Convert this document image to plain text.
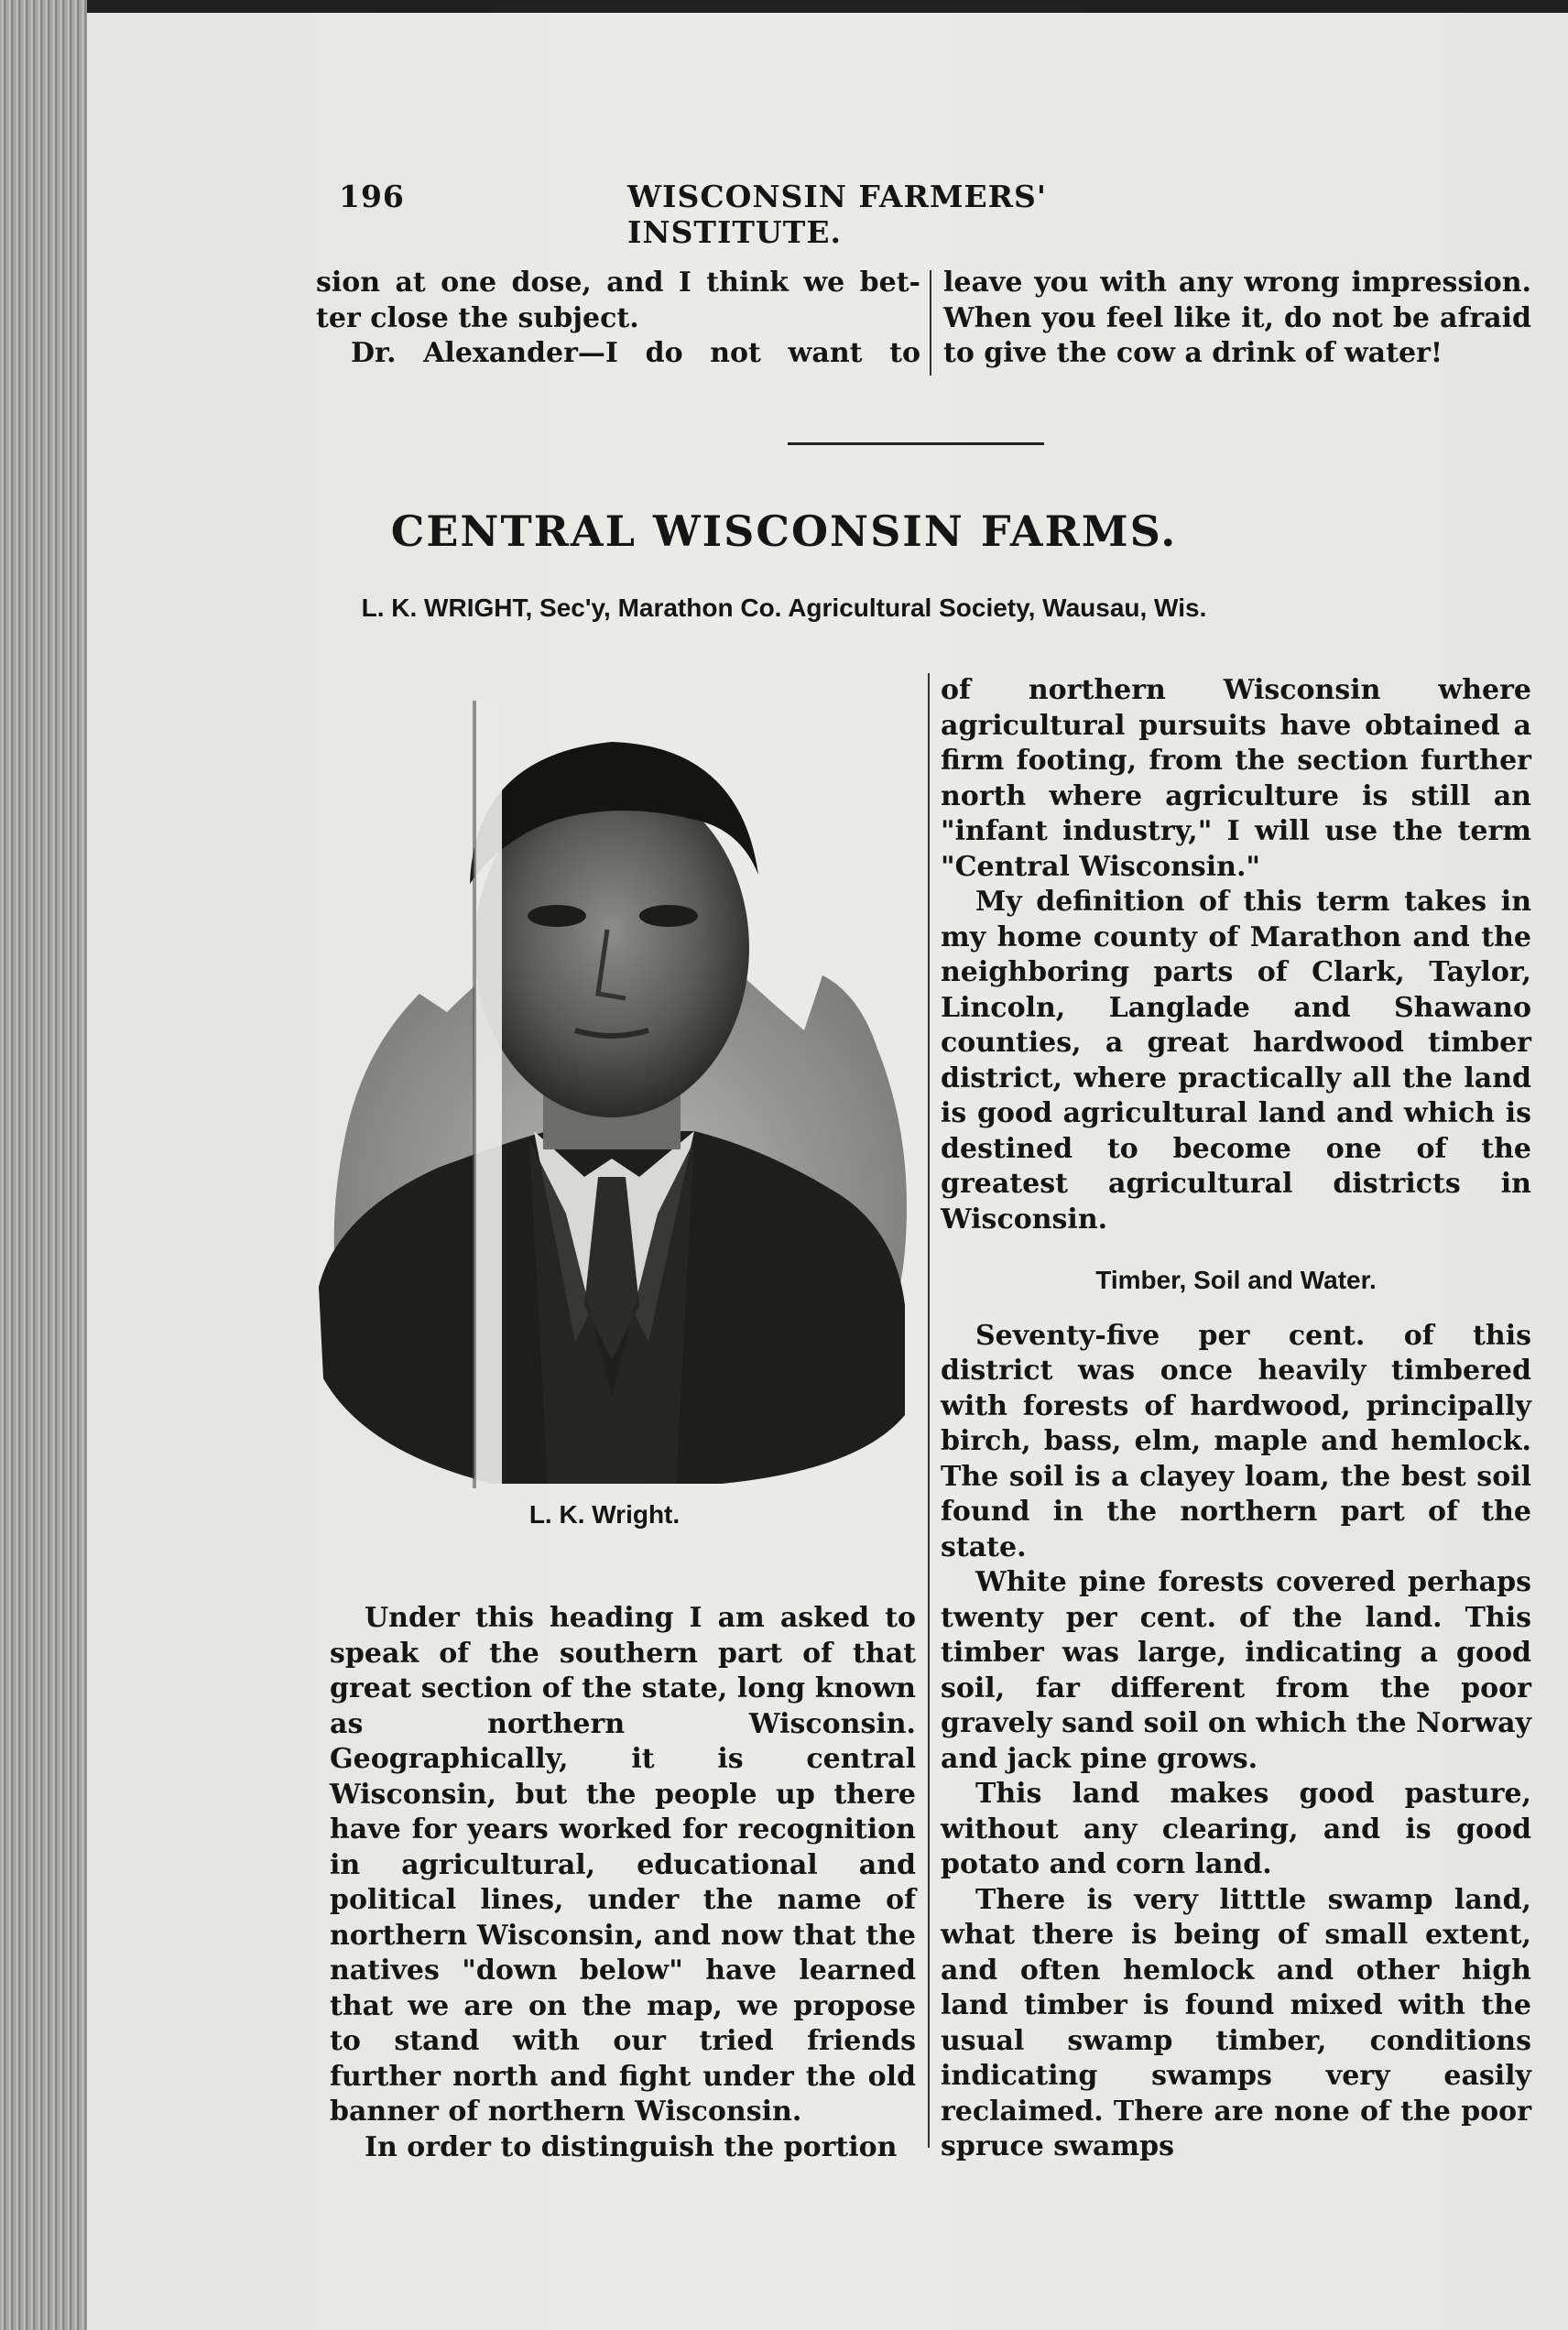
196	WISCONSIN FARMERS' INSTITUTE.

sion at one dose, and I think we bet-

ter close the subject.

Dr. Alexander—I do not want to

leave you with any wrong impression.

When you feel like it, do not be afraid

to give the cow a drink of water!

CENTRAL WISCONSIN FARMS.
L. K. WRIGHT, Sec'y, Marathon Co. Agricultural Society, Wausau, Wis.
L. K. Wright.

Under this heading I am asked to speak of the southern part of that great section of the state, long known as northern Wisconsin. Geographically, it is central Wisconsin, but the people up there have for years worked for recognition in agricultural, educational and political lines, under the name of northern Wisconsin, and now that the natives "down below" have learned that we are on the map, we propose to stand with our tried friends further north and fight under the old banner of northern Wisconsin.

In order to distinguish the portion

of northern Wisconsin where agricultural pursuits have obtained a firm footing, from the section further north where agriculture is still an "infant industry," I will use the term "Central Wisconsin."

My definition of this term takes in my home county of Marathon and the neighboring parts of Clark, Taylor, Lincoln, Langlade and Shawano counties, a great hardwood timber district, where practically all the land is good agricultural land and which is destined to become one of the greatest agricultural districts in Wisconsin.

Timber, Soil and Water.

Seventy-five per cent. of this district was once heavily timbered with forests of hardwood, principally birch, bass, elm, maple and hemlock. The soil is a clayey loam, the best soil found in the northern part of the state.

White pine forests covered perhaps twenty per cent. of the land. This timber was large, indicating a good soil, far different from the poor gravely sand soil on which the Norway and jack pine grows.

This land makes good pasture, without any clearing, and is good potato and corn land.

There is very litttle swamp land, what there is being of small extent, and often hemlock and other high land timber is found mixed with the usual swamp timber, conditions indicating swamps very easily reclaimed. There are none of the poor spruce swamps
